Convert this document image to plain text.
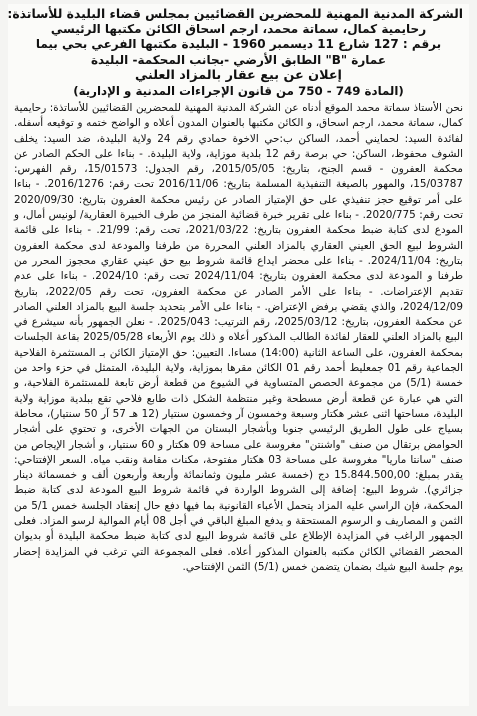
الشركة المدنية المهنية للمحضرين القضائيين بمجلس قضاء البليدة للأساتذة:

رحايمية كمال، سماتة محمد، ارجم اسحاق الكائن مكتبها الرئيسي

برقم : 127 شارع 11 ديسمبر 1960 - البليدة مكتبها الفرعي بحي بيما

عمارة "B" الطابق الأرضي -بجانب المحكمة- البليدة

إعلان عن بيع عقار بالمزاد العلني

(المادة 749 - 750 من قانون الإجراءات المدنية و الإدارية)

نحن الأستاذ سماتة محمد الموقع أدناه عن الشركة المدنية المهنية للمحضرين القضائيين للأساتذة: رحايمية كمال، سماتة محمد، ارجم اسحاق، و الكائن مكتبها بالعنوان المدون أعلاه و الواضح ختمه و توقيعه أسفله. لفائدة السيد: لحمايني أحمد، الساكن ب:حي الاخوة حمادي رقم 24 ولاية البليدة، ضد السيد: يخلف الشوف محفوظ، الساكن: حي برصة رقم 12 بلدية موزاية، ولاية البليدة. - بناءا على الحكم الصادر عن محكمة العفرون - قسم الجنح، بتاريخ: 2015/05/05، رقم الجدول: 15/01573، رقم الفهرس: 15/03787، والمهور بالصيغة التنفيذية المسلمة بتاريخ: 2016/11/06 تحت رقم: 2016/1276. - بناءا على أمر توقيع حجز تنفيذي على حق الإمتياز الصادر عن رئيس محكمة العفرون بتاريخ: 2020/09/30 تحت رقم: 2020/775. - بناءا على تقرير خبرة قضائية المنجز من طرف الخبيرة العقارية/ لونيس أمال، و المودع لدى كتابة ضبط محكمة العفرون بتاريخ: 2021/03/22، تحت رقم: 21/99. - بناءا على قائمة الشروط لبيع الحق العيني العقاري بالمزاد العلني المحررة من طرفنا والمودعة لدى محكمة العفرون بتاريخ: 2024/11/04. - بناءا على محضر ايداع قائمة شروط بيع حق عيني عقاري محجوز المحرر من طرفنا و المودعة لدى محكمة العفرون بتاريخ: 2024/11/04 تحت رقم: 2024/10. - بناءا على عدم تقديم الإعتراضات. - بناءا على الأمر الصادر عن محكمة العفرون، تحت رقم 2022/05، بتاريخ 2024/12/09، والذي يقضي برفض الإعتراض. - بناءا على الأمر بتحديد جلسة البيع بالمزاد العلني الصادر عن محكمة العفرون، بتاريخ: 2025/03/12، رقم الترتيب: 2025/043. - نعلن الجمهور بأنه سيشرع في البيع بالمزاد العلني للعقار لفائدة الطالب المذكور أعلاه و ذلك يوم الأربعاء 2025/05/28 بقاعة الجلسات بمحكمة العفرون، على الساعة الثانية (14:00) مساءا. التعيين: حق الإمتياز الكائن بـ المستثمرة الفلاحية الجماعية رقم 01 جمعليط أحمد رقم 01 الكائن مقرها بموزاية، ولاية البليدة، المتمثل في حزء واحد من خمسة (5/1) من مجموعة الحصص المتساوية في الشيوع من قطعة أرض تابعة للمستثمرة الفلاحية، و التي هي عبارة عن قطعة أرض مسطحة وغير منتظمة الشكل ذات طابع فلاحي تقع ببلدية موزاية ولاية البليدة، مساحتها اثنى عشر هكتار وسبعة وخمسون آر وخمسون سنتيار (12 هـ 57 آر 50 سنتيار)، محاطة بسياج على طول الطريق الرئيسي جنوبا وبأشجار البستان من الجهات الأخرى، و تحتوي على أشجار الحوامض برتقال من صنف "واشنتن" مغروسة على مساحة 09 هكتار و 60 سنتيار، و أشجار الإيجاص من صنف "سانتا ماريا" مغروسة على مساحة 03 هكتار مفتوحة، مكنات مقامة ونقب مياه. السعر الإفتتاحي: يقدر بمبلغ: 15.844.500,00 دج (خمسة عشر مليون وثمانمائة وأربعة وأربعون ألف و خمسمائة دينار جزائري). شروط البيع: إضافة إلى الشروط الواردة في قائمة شروط البيع المودعة لدى كتابة ضبط المحكمة، فإن الراسي عليه المزاد يتحمل الأعباء القانونية بما فيها دفع حال إنعقاد الجلسة خمس 5/1 من الثمن و المصاريف و الرسوم المستحقة و يدفع المبلغ الباقي في أجل 08 أيام الموالية لرسو المزاد. فعلى الجمهور الراغب في المزايدة الإطلاع على قائمة شروط البيع لدى كتابة ضبط محكمة البليدة أو بديوان المحضر القضائي الكائن مكتبه بالعنوان المذكور أعلاه. فعلى المجموعة التي ترغب في المزايدة إحضار يوم جلسة البيع شيك بضمان يتضمن خمس (5/1) الثمن الإفتتاحي.
